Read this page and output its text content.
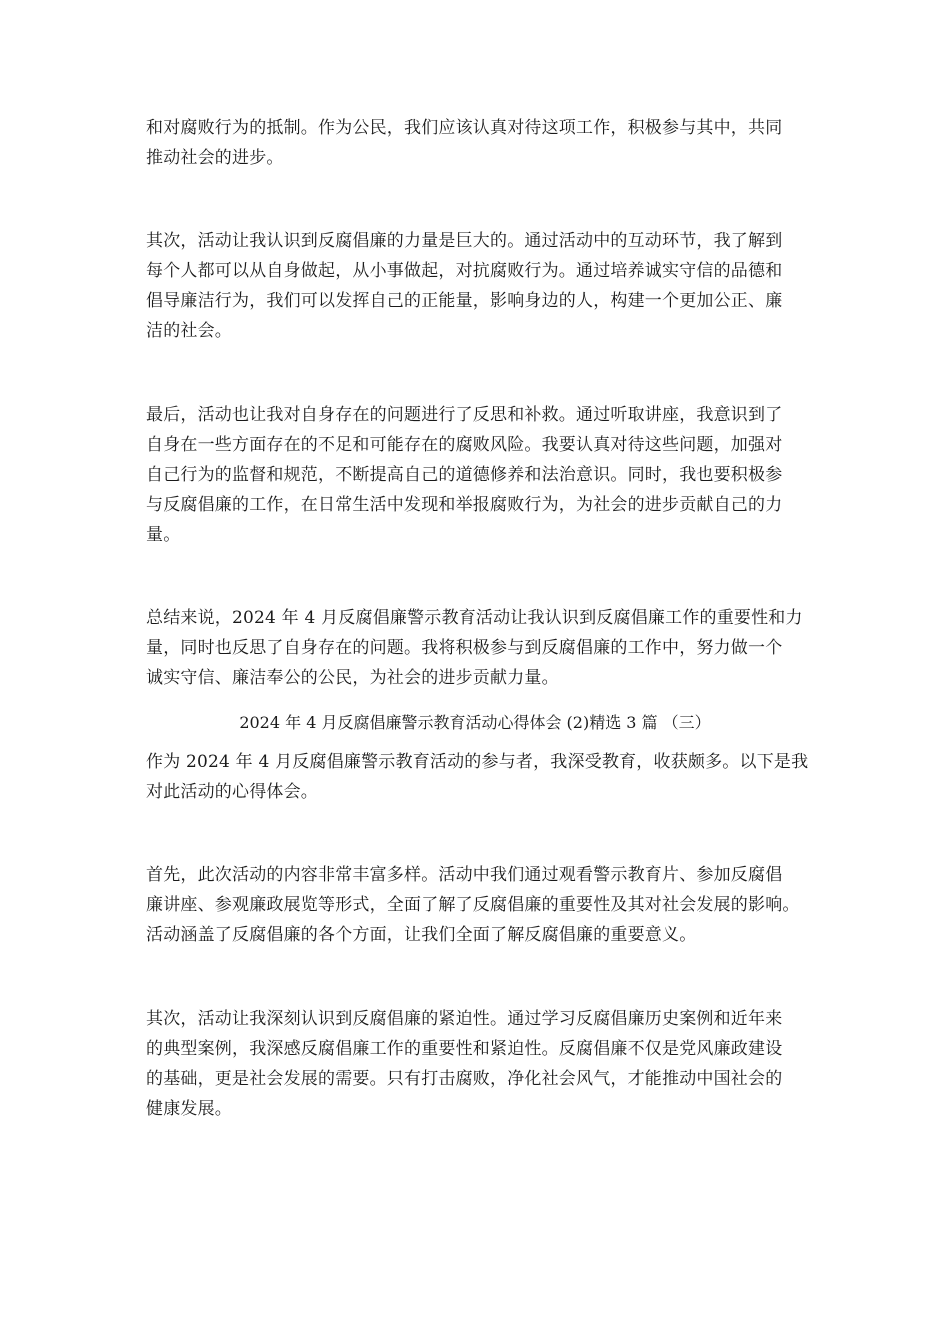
和对腐败行为的抵制。作为公民，我们应该认真对待这项工作，积极参与其中，共同
推动社会的进步。
其次，活动让我认识到反腐倡廉的力量是巨大的。通过活动中的互动环节，我了解到
每个人都可以从自身做起，从小事做起，对抗腐败行为。通过培养诚实守信的品德和
倡导廉洁行为，我们可以发挥自己的正能量，影响身边的人，构建一个更加公正、廉
洁的社会。
最后，活动也让我对自身存在的问题进行了反思和补救。通过听取讲座，我意识到了
自身在一些方面存在的不足和可能存在的腐败风险。我要认真对待这些问题，加强对
自己行为的监督和规范，不断提高自己的道德修养和法治意识。同时，我也要积极参
与反腐倡廉的工作，在日常生活中发现和举报腐败行为，为社会的进步贡献自己的力
量。
总结来说，2024 年 4 月反腐倡廉警示教育活动让我认识到反腐倡廉工作的重要性和力
量，同时也反思了自身存在的问题。我将积极参与到反腐倡廉的工作中，努力做一个
诚实守信、廉洁奉公的公民，为社会的进步贡献力量。
2024 年 4 月反腐倡廉警示教育活动心得体会 (2)精选 3 篇 （三）
作为 2024 年 4 月反腐倡廉警示教育活动的参与者，我深受教育，收获颇多。以下是我
对此活动的心得体会。
首先，此次活动的内容非常丰富多样。活动中我们通过观看警示教育片、参加反腐倡
廉讲座、参观廉政展览等形式，全面了解了反腐倡廉的重要性及其对社会发展的影响。
活动涵盖了反腐倡廉的各个方面，让我们全面了解反腐倡廉的重要意义。
其次，活动让我深刻认识到反腐倡廉的紧迫性。通过学习反腐倡廉历史案例和近年来
的典型案例，我深感反腐倡廉工作的重要性和紧迫性。反腐倡廉不仅是党风廉政建设
的基础，更是社会发展的需要。只有打击腐败，净化社会风气，才能推动中国社会的
健康发展。
